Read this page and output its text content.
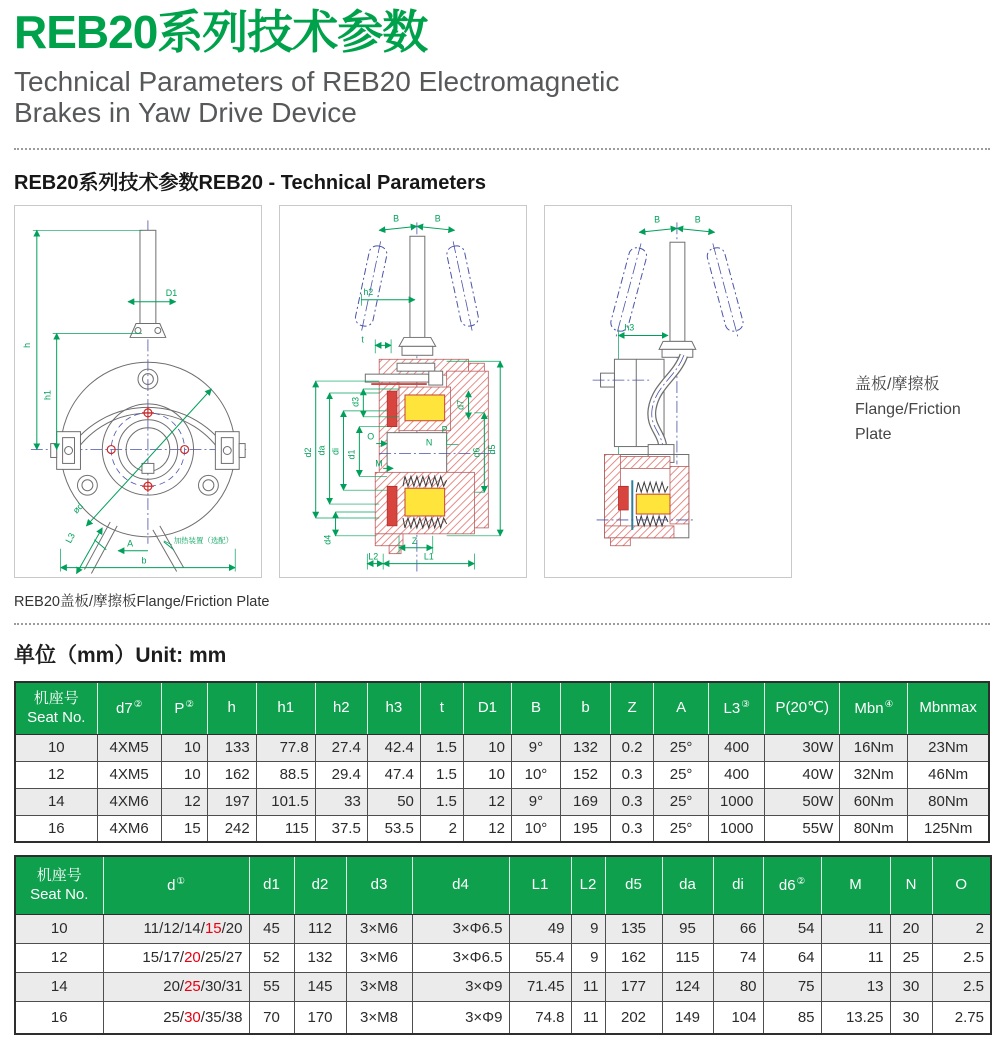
REB20系列技术参数
Technical Parameters of REB20 Electromagnetic
Brakes in Yaw Drive Device
REB20系列技术参数REB20 - Technical Parameters
D1
h
h1
ød
L3	A
b
加热装置（选配）
B	B
h2
t
d2 da di d1
d3
d4
O
M
N
P
d7
d6 d5
Z
L2	L1
B	B
h3
盖板/摩擦板
Flange/Friction Plate
REB20盖板/摩擦板Flange/Friction Plate
单位（mm）Unit: mm
机座号
Seat No.	d7②	P②	h	h1	h2	h3	t	D1	B	b	Z	A	L3③	P(20℃)	Mbn④	Mbnmax
10	4XM5	10	133	77.8	27.4	42.4	1.5	10	9°	132	0.2	25°	400	30W	16Nm	23Nm
12	4XM5	10	162	88.5	29.4	47.4	1.5	10	10°	152	0.3	25°	400	40W	32Nm	46Nm
14	4XM6	12	197	101.5	33	50	1.5	12	9°	169	0.3	25°	1000	50W	60Nm	80Nm
16	4XM6	15	242	115	37.5	53.5	2	12	10°	195	0.3	25°	1000	55W	80Nm	125Nm
机座号
Seat No.	d①	d1	d2	d3	d4	L1	L2	d5	da	di	d6②	M	N	O
10	11/12/14/15/20	45	112	3×M6	3×Φ6.5	49	9	135	95	66	54	11	20	2
12	15/17/20/25/27	52	132	3×M6	3×Φ6.5	55.4	9	162	115	74	64	11	25	2.5
14	20/25/30/31	55	145	3×M8	3×Φ9	71.45	11	177	124	80	75	13	30	2.5
16	25/30/35/38	70	170	3×M8	3×Φ9	74.8	11	202	149	104	85	13.25	30	2.75
